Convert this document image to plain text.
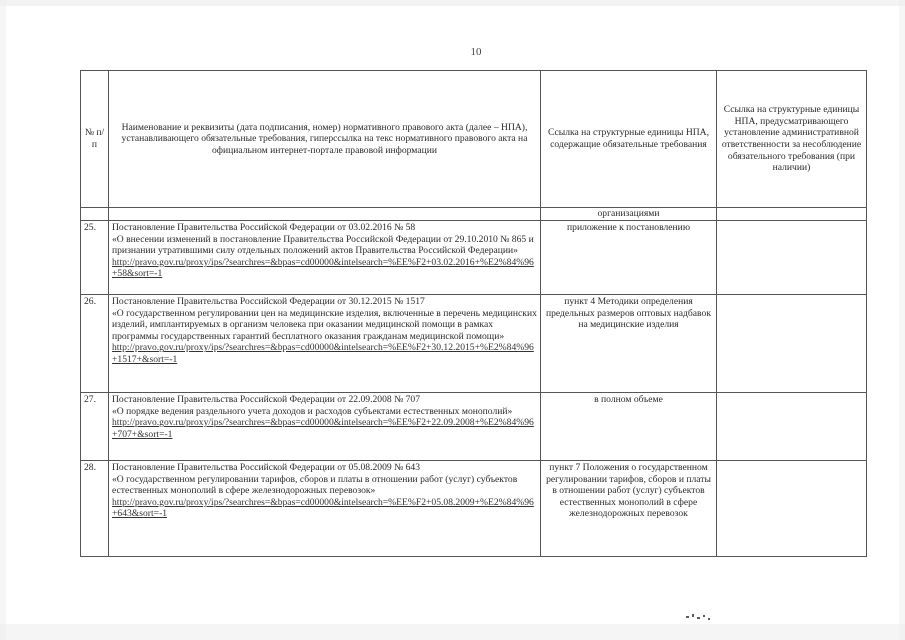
10
№ п/п	Наименование и реквизиты (дата подписания, номер) нормативного правового акта (далее – НПА), устанавливающего обязательные требования, гиперссылка на текс нормативного правового акта на официальном интернет-портале правовой информации	Ссылка на структурные единицы НПА, содержащие обязательные требования	Ссылка на структурные единицы НПА, предусматривающего установление административной ответственности за несоблюдение обязательного требования (при наличии)
		организациями	
25.	Постановление Правительства Российской Федерации от 03.02.2016 № 58
«О внесении изменений в постановление Правительства Российской Федерации от 29.10.2010 № 865 и признании утратившими силу отдельных положений актов Правительства Российской Федерации»
http://pravo.gov.ru/proxy/ips/?searchres=&bpas=cd00000&intelsearch=%EE%F2+03.02.2016+%E2%84%96+58&sort=-1	приложение к постановлению	
26.	Постановление Правительства Российской Федерации от 30.12.2015 № 1517
«О государственном регулировании цен на медицинские изделия, включенные в перечень медицинских изделий, имплантируемых в организм человека при оказании медицинской помощи в рамках программы государственных гарантий бесплатного оказания гражданам медицинской помощи»
http://pravo.gov.ru/proxy/ips/?searchres=&bpas=cd00000&intelsearch=%EE%F2+30.12.2015+%E2%84%96+1517+&sort=-1	пункт 4 Методики определения предельных размеров оптовых надбавок на медицинские изделия	
27.	Постановление Правительства Российской Федерации от 22.09.2008 № 707
«О порядке ведения раздельного учета доходов и расходов субъектами естественных монополий»
http://pravo.gov.ru/proxy/ips/?searchres=&bpas=cd00000&intelsearch=%EE%F2+22.09.2008+%E2%84%96+707+&sort=-1	в полном объеме	
28.	Постановление Правительства Российской Федерации от 05.08.2009 № 643
«О государственном регулировании тарифов, сборов и платы в отношении работ (услуг) субъектов естественных монополий в сфере железнодорожных перевозок»
http://pravo.gov.ru/proxy/ips/?searchres=&bpas=cd00000&intelsearch=%EE%F2+05.08.2009+%E2%84%96+643&sort=-1	пункт 7 Положения о государственном регулировании тарифов, сборов и платы в отношении работ (услуг) субъектов естественных монополий в сфере железнодорожных перевозок	
